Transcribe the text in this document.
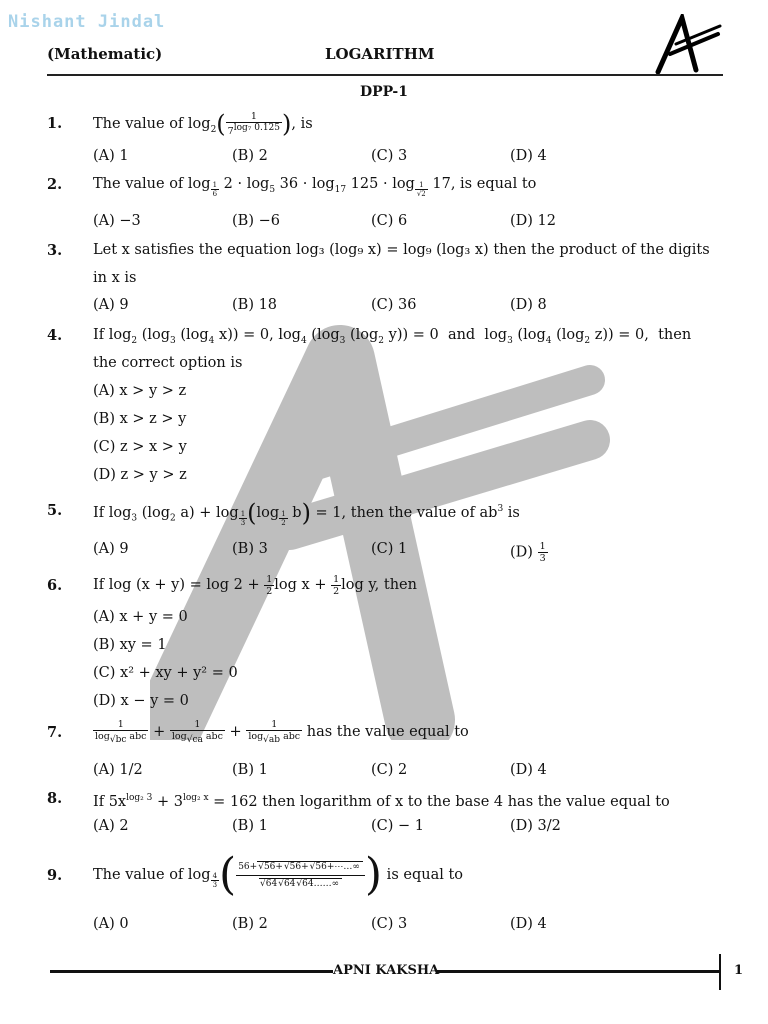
Nishant Jindal
(Mathematic)	LOGARITHM
DPP-1
1. The value of $\log_2( \frac{1}{7^{log_7 0.125}}$ ), is
(A) 1	(B) 2	(C) 3	(D) 4
2. The value of log $_{\frac{1}{6}}$ $2 \cdot \log_5 36 \cdot \log_{17} 125 \cdot \log _{\frac{1}{√2}}$ 17, is equal to
(A) −3	(B) −6	(C) 6	(D) 12
3. Let x satisfies the equation log₃ (log₉ x) = log₉ (log₃ x) then the product of the digits in x is
(A) 9	(B) 18	(C) 36	(D) 8
4. If $\log_2 (\log_3$ ($\log_4$ x)) = 0, $\log_4 (\log_3$ ($\log_2$ y)) = 0  and  $\log_3 (\log_4$ ($\log_2$ z)) = 0,  then
the correct option is
(A) x > y > z
(B) x > z > y
(C) z > x > y
(D) z > y > z
5. If $\log_3 (\log_2$ a) + log $_{\frac{1}{3}}$ (log $_{\frac{1}{2}}$ b) = 1, then the value of $ab^3$ is
(A) 9	(B) 3	(C) 1	$(D) \frac{1}{3}$
6. If $\log (x + y) = \log 2 + \frac{1}{2}$ $\log x + \frac{1}{2}$ log y, then
(A) x + y = 0
(B) xy = 1
(C) x² + xy + y² = 0
(D) x − y = 0
7.	$\frac{1}{\log_{√bc} abc} + \frac{1}{\log_{√ca} abc} + \frac{1}{\log_{√ab} abc}$ has the value equal to
(A) 1/2	(B) 1	(C) 2	(D) 4
8. If $5x^{log_2 3} + 3^{log_2 x} = 162$ then logarithm of x to the base 4 has the value equal to
(A) 2	(B) 1	(C) − 1	(D) 3/2
9. The value of log $_{\frac{4}{3}}$ ( $\frac{56+√56+√56+√56+\cdots\dots\infty}{√64√64√64\dots\dots\infty}$ ) is equal to
(A) 0	(B) 2	(C) 3	(D) 4
APNI KAKSHA	1
